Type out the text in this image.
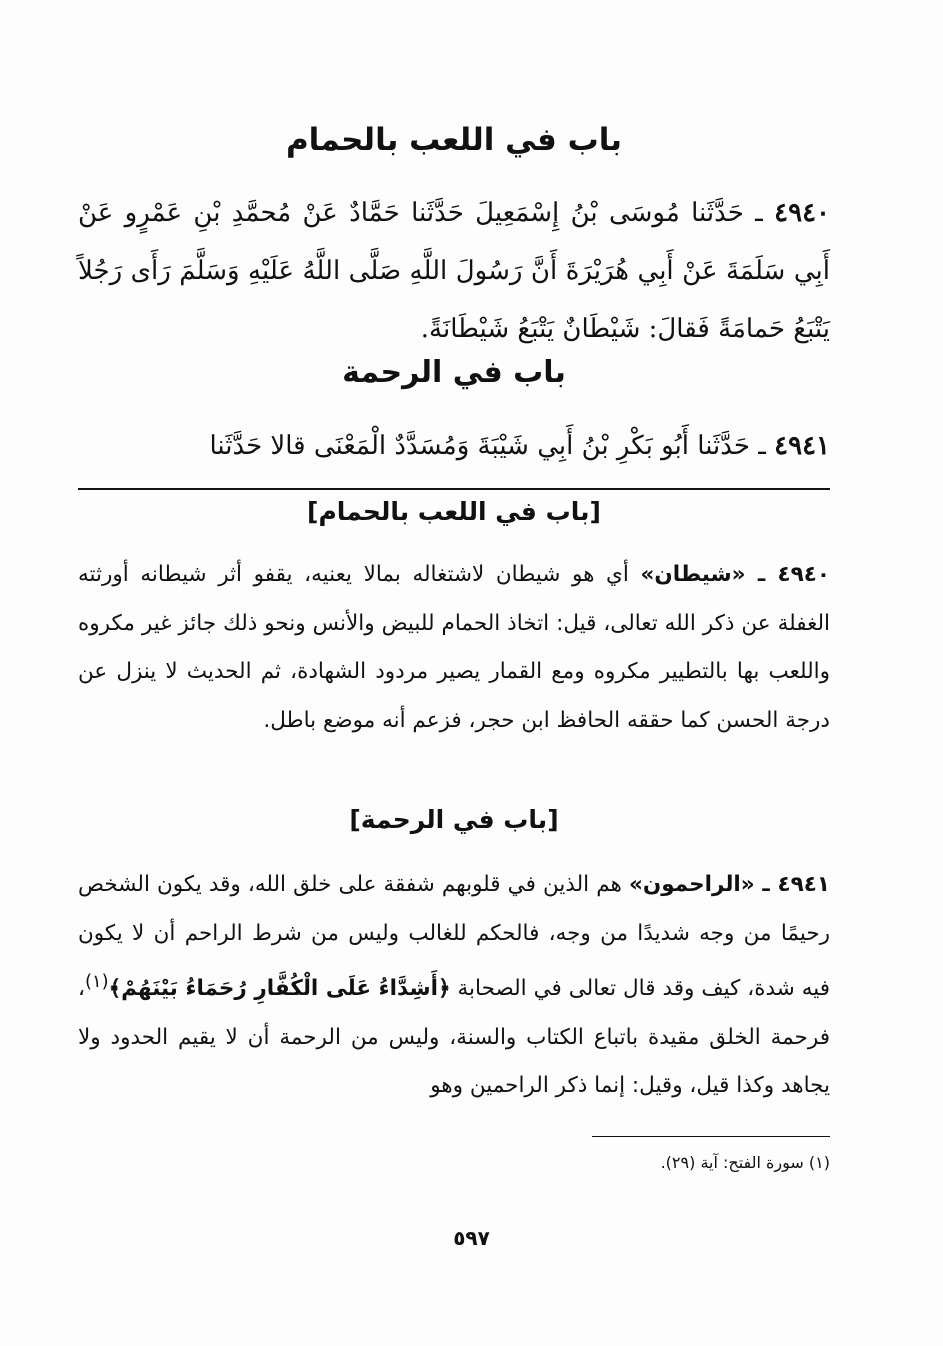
باب في اللعب بالحمام
٤٩٤٠ ـ حَدَّثَنا مُوسَى بْنُ إِسْمَعِيلَ حَدَّثَنا حَمَّادٌ عَنْ مُحمَّدِ بْنِ عَمْرٍو عَنْ أَبِي سَلَمَةَ عَنْ أَبِي هُرَيْرَةَ أَنَّ رَسُولَ اللَّهِ صَلَّى اللَّهُ عَلَيْهِ وَسَلَّمَ رَأَى رَجُلاً يَتْبَعُ حَمامَةً فَقالَ: شَيْطَانٌ يَتْبَعُ شَيْطَانَةً.
باب في الرحمة
٤٩٤١ ـ حَدَّثَنا أَبُو بَكْرِ بْنُ أَبِي شَيْبَةَ وَمُسَدَّدٌ الْمَعْنَى قالا حَدَّثَنا
[باب في اللعب بالحمام]
٤٩٤٠ ـ «شيطان» أي هو شيطان لاشتغاله بمالا يعنيه، يقفو أثر شيطانه أورثته الغفلة عن ذكر الله تعالى، قيل: اتخاذ الحمام للبيض والأنس ونحو ذلك جائز غير مكروه واللعب بها بالتطيير مكروه ومع القمار يصير مردود الشهادة، ثم الحديث لا ينزل عن درجة الحسن كما حققه الحافظ ابن حجر، فزعم أنه موضع باطل.
[باب في الرحمة]
٤٩٤١ ـ «الراحمون» هم الذين في قلوبهم شفقة على خلق الله، وقد يكون الشخص رحيمًا من وجه شديدًا من وجه، فالحكم للغالب وليس من شرط الراحم أن لا يكون فيه شدة، كيف وقد قال تعالى في الصحابة ﴿أَشِدَّاءُ عَلَى الْكُفَّارِ رُحَمَاءُ بَيْنَهُمْ﴾$^{(١)}$، فرحمة الخلق مقيدة باتباع الكتاب والسنة، وليس من الرحمة أن لا يقيم الحدود ولا يجاهد وكذا قيل، وقيل: إنما ذكر الراحمين وهو
(١) سورة الفتح: آية (٢٩).
٥٩٧
